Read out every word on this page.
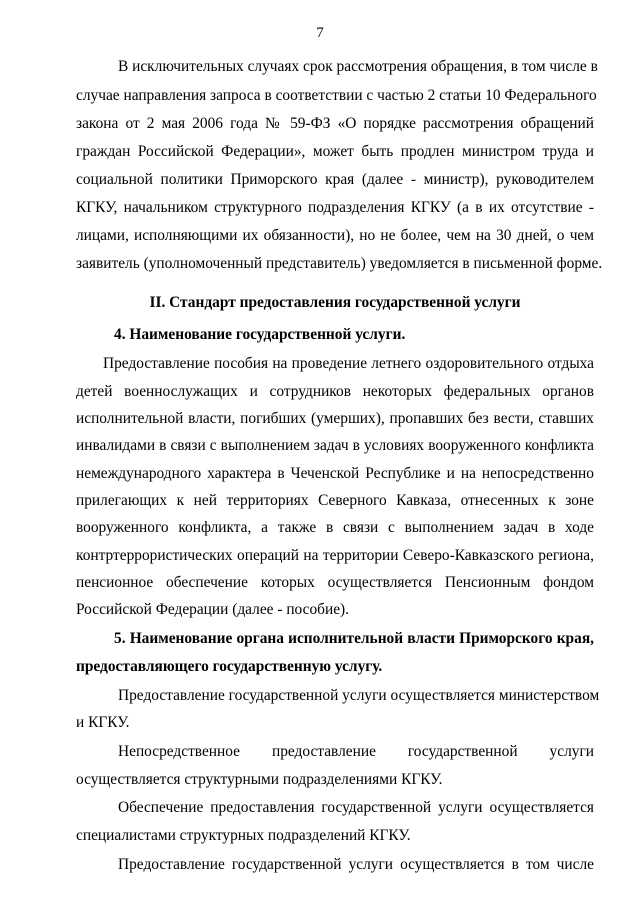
7
В исключительных случаях срок рассмотрения обращения, в том числе в
случае направления запроса в соответствии с частью 2 статьи 10 Федерального
закона от 2 мая 2006 года № 59-ФЗ «О порядке рассмотрения обращений
граждан Российской Федерации», может быть продлен министром труда и
социальной политики Приморского края (далее - министр), руководителем
КГКУ, начальником структурного подразделения КГКУ (а в их отсутствие -
лицами, исполняющими их обязанности), но не более, чем на 30 дней, о чем
заявитель (уполномоченный представитель) уведомляется в письменной форме.
II. Стандарт предоставления государственной услуги
4. Наименование государственной услуги.
Предоставление пособия на проведение летнего оздоровительного отдыха
детей военнослужащих и сотрудников некоторых федеральных органов
исполнительной власти, погибших (умерших), пропавших без вести, ставших
инвалидами в связи с выполнением задач в условиях вооруженного конфликта
немеждународного характера в Чеченской Республике и на непосредственно
прилегающих к ней территориях Северного Кавказа, отнесенных к зоне
вооруженного конфликта, а также в связи с выполнением задач в ходе
контртеррористических операций на территории Северо-Кавказского региона,
пенсионное обеспечение которых осуществляется Пенсионным фондом
Российской Федерации (далее - пособие).
5. Наименование органа исполнительной власти Приморского края,
предоставляющего государственную услугу.
Предоставление государственной услуги осуществляется министерством
и КГКУ.
Непосредственное предоставление государственной услуги
осуществляется структурными подразделениями КГКУ.
Обеспечение предоставления государственной услуги осуществляется
специалистами структурных подразделений КГКУ.
Предоставление государственной услуги осуществляется в том числе
